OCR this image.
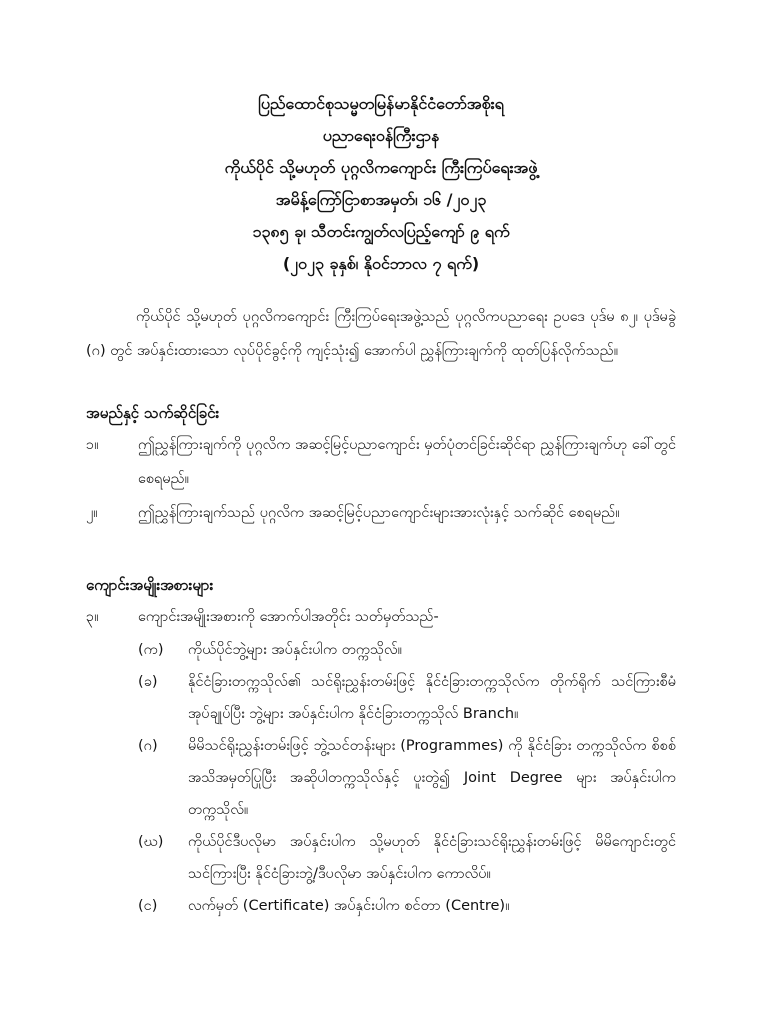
ပြည်ထောင်စုသမ္မတမြန်မာနိုင်ငံတော်အစိုးရ
ပညာရေးဝန်ကြီးဌာန
ကိုယ်ပိုင် သို့မဟုတ် ပုဂ္ဂလိကကျောင်း ကြီးကြပ်ရေးအဖွဲ့
အမိန့်ကြော်ငြာစာအမှတ်၊ ၁၆ /၂၀၂၃
၁၃၈၅ ခု၊ သီတင်းကျွတ်လပြည့်ကျော် ၉ ရက်
(၂၀၂၃ ခုနှစ်၊ နိုဝင်ဘာလ ၇ ရက်)
ကိုယ်ပိုင် သို့မဟုတ် ပုဂ္ဂလိကကျောင်း ကြီးကြပ်ရေးအဖွဲ့သည် ပုဂ္ဂလိကပညာရေး ဥပဒေ ပုဒ်မ ၈၂၊ ပုဒ်မခွဲ (ဂ) တွင် အပ်နှင်းထားသော လုပ်ပိုင်ခွင့်ကို ကျင့်သုံး၍ အောက်ပါ ညွှန်ကြားချက်ကို ထုတ်ပြန်လိုက်သည်။
အမည်နှင့် သက်ဆိုင်ခြင်း
၁။	ဤညွှန်ကြားချက်ကို ပုဂ္ဂလိက အဆင့်မြင့်ပညာကျောင်း မှတ်ပုံတင်ခြင်းဆိုင်ရာ ညွှန်ကြားချက်ဟု ခေါ်တွင်စေရမည်။
၂။	ဤညွှန်ကြားချက်သည် ပုဂ္ဂလိက အဆင့်မြင့်ပညာကျောင်းများအားလုံးနှင့် သက်ဆိုင် စေရမည်။
ကျောင်းအမျိုးအစားများ
၃။	ကျောင်းအမျိုးအစားကို အောက်ပါအတိုင်း သတ်မှတ်သည်-
(က)	ကိုယ်ပိုင်ဘွဲ့များ အပ်နှင်းပါက တက္ကသိုလ်။
(ခ)	နိုင်ငံခြားတက္ကသိုလ်၏ သင်ရိုးညွှန်းတမ်းဖြင့် နိုင်ငံခြားတက္ကသိုလ်က တိုက်ရိုက် သင်ကြားစီမံအုပ်ချုပ်ပြီး ဘွဲ့များ အပ်နှင်းပါက နိုင်ငံခြားတက္ကသိုလ် Branch။
(ဂ)	မိမိသင်ရိုးညွှန်းတမ်းဖြင့် ဘွဲ့သင်တန်းများ (Programmes) ကို နိုင်ငံခြား တက္ကသိုလ်က စိစစ်အသိအမှတ်ပြုပြီး အဆိုပါတက္ကသိုလ်နှင့် ပူးတွဲ၍ Joint Degree များ အပ်နှင်းပါက တက္ကသိုလ်။
(ဃ)	ကိုယ်ပိုင်ဒီပလိုမာ အပ်နှင်းပါက သို့မဟုတ် နိုင်ငံခြားသင်ရိုးညွှန်းတမ်းဖြင့် မိမိကျောင်းတွင် သင်ကြားပြီး နိုင်ငံခြားဘွဲ့/ဒီပလိုမာ အပ်နှင်းပါက ကောလိပ်။
(င)	လက်မှတ် (Certificate) အပ်နှင်းပါက စင်တာ (Centre)။
